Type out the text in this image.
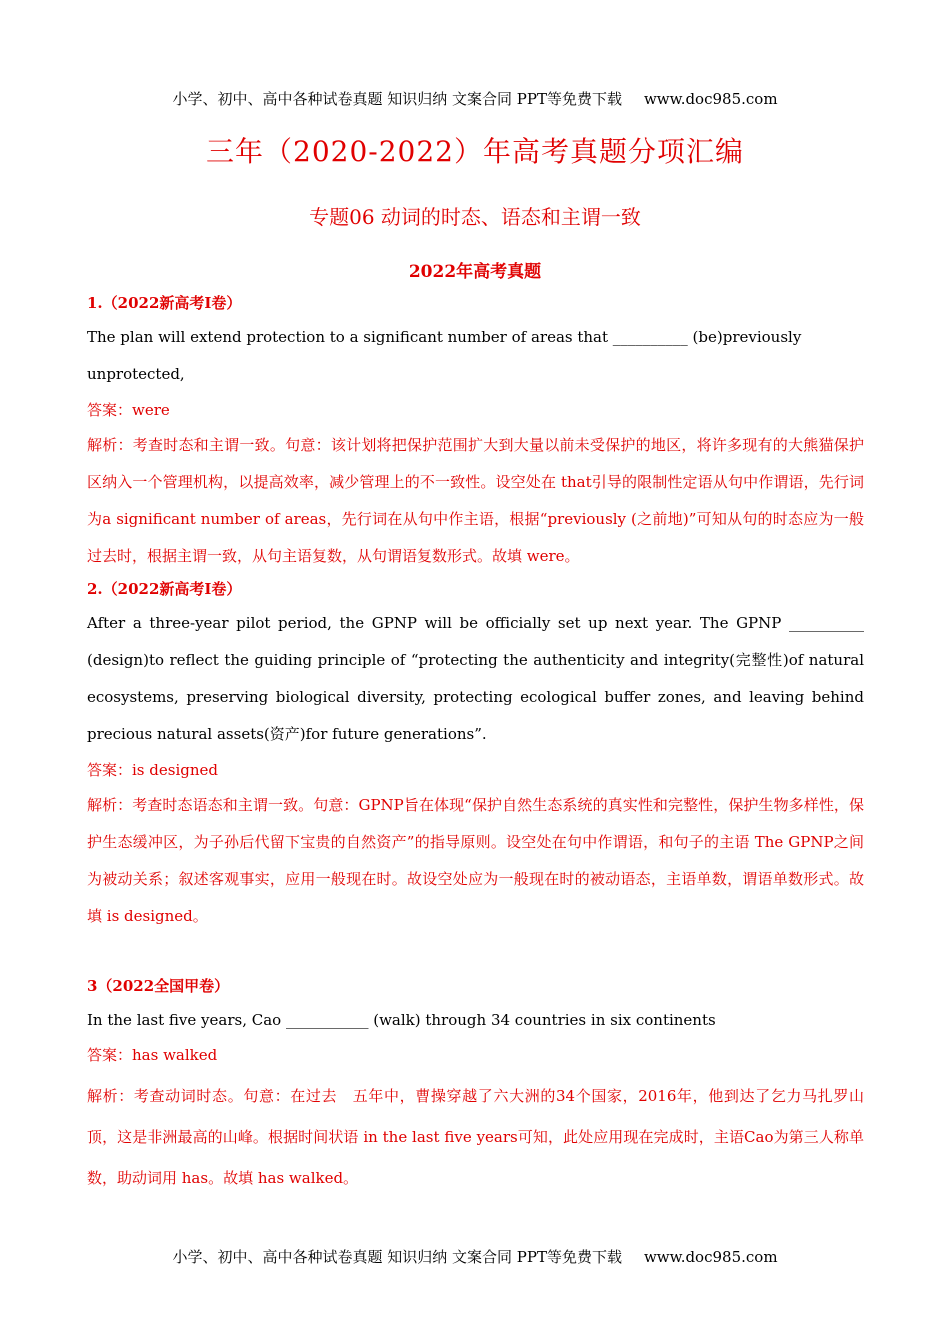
小学、初中、高中各种试卷真题 知识归纳 文案合同 PPT等免费下载 www.doc985.com
三年（2020-2022）年高考真题分项汇编
专题06 动词的时态、语态和主谓一致
2022年高考真题

1.（2022新高考I卷）

The plan will extend protection to a significant number of areas that __________ (be)previously unprotected,

答案：were

解析：考查时态和主谓一致。句意：该计划将把保护范围扩大到大量以前未受保护的地区，将许多现有的大熊猫保护区纳入一个管理机构，以提高效率，减少管理上的不一致性。设空处在 that引导的限制性定语从句中作谓语，先行词为a significant number of areas，先行词在从句中作主语，根据“previously (之前地)”可知从句的时态应为一般过去时，根据主谓一致，从句主语复数，从句谓语复数形式。故填 were。

2.（2022新高考I卷）

After a three-year pilot period, the GPNP will be officially set up next year. The GPNP __________ (design)to reflect the guiding principle of “protecting the authenticity and integrity(完整性)of natural ecosystems, preserving biological diversity, protecting ecological buffer zones, and leaving behind precious natural assets(资产)for future generations”.

答案：is designed

解析：考查时态语态和主谓一致。句意：GPNP旨在体现“保护自然生态系统的真实性和完整性，保护生物多样性，保护生态缓冲区，为子孙后代留下宝贵的自然资产”的指导原则。设空处在句中作谓语，和句子的主语 The GPNP之间为被动关系；叙述客观事实，应用一般现在时。故设空处应为一般现在时的被动语态，主语单数，谓语单数形式。故填 is designed。

3（2022全国甲卷）

In the last five years, Cao ___________ (walk) through 34 countries in six continents

答案：has walked

解析：考查动词时态。句意：在过去　五年中，曹操穿越了六大洲的34个国家，2016年，他到达了乞力马扎罗山顶，这是非洲最高的山峰。根据时间状语 in the last five years可知，此处应用现在完成时，主语Cao为第三人称单数，助动词用 has。故填 has walked。

小学、初中、高中各种试卷真题 知识归纳 文案合同 PPT等免费下载 www.doc985.com
